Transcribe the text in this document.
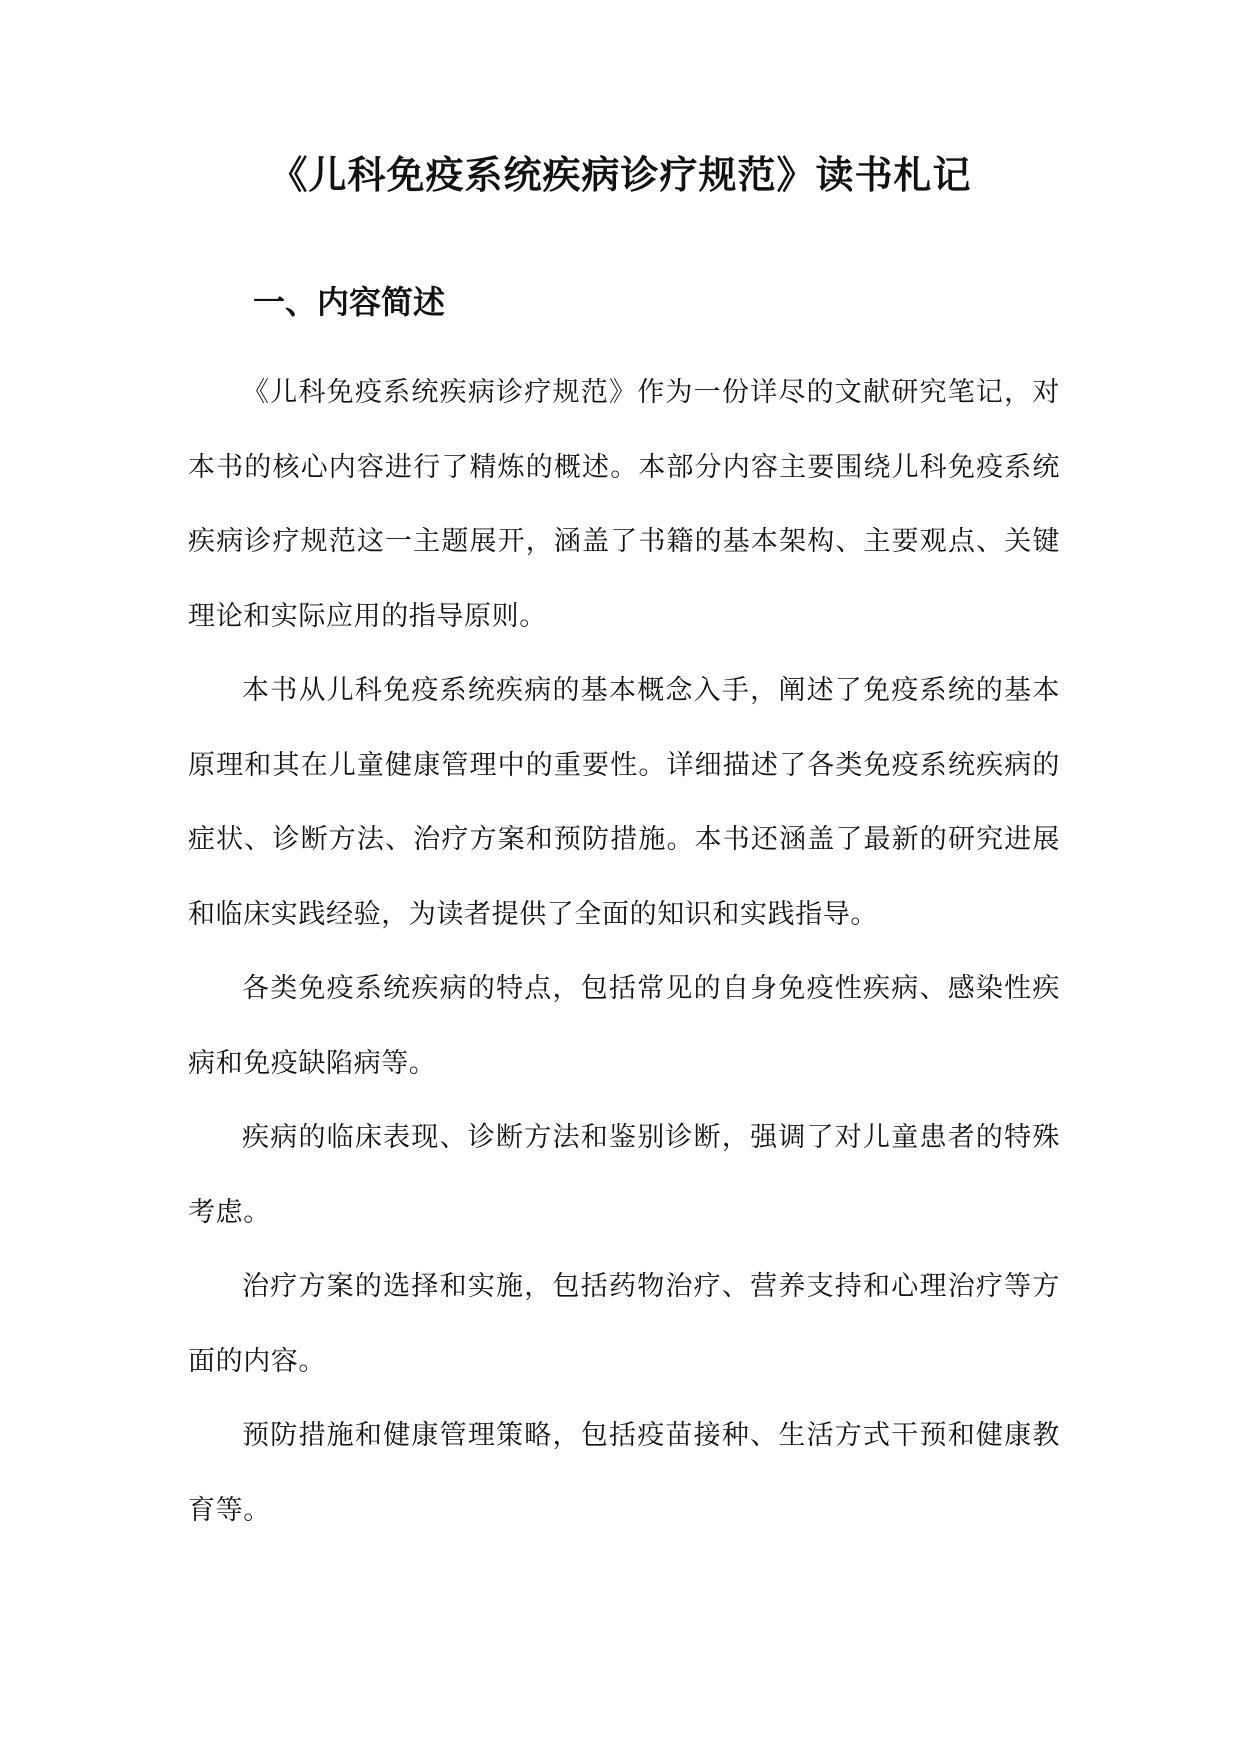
《儿科免疫系统疾病诊疗规范》读书札记
一、内容简述

《儿科免疫系统疾病诊疗规范》作为一份详尽的文献研究笔记，对本书的核心内容进行了精炼的概述。本部分内容主要围绕儿科免疫系统疾病诊疗规范这一主题展开，涵盖了书籍的基本架构、主要观点、关键理论和实际应用的指导原则。

本书从儿科免疫系统疾病的基本概念入手，阐述了免疫系统的基本原理和其在儿童健康管理中的重要性。详细描述了各类免疫系统疾病的症状、诊断方法、治疗方案和预防措施。本书还涵盖了最新的研究进展和临床实践经验，为读者提供了全面的知识和实践指导。

各类免疫系统疾病的特点，包括常见的自身免疫性疾病、感染性疾病和免疫缺陷病等。

疾病的临床表现、诊断方法和鉴别诊断，强调了对儿童患者的特殊考虑。

治疗方案的选择和实施，包括药物治疗、营养支持和心理治疗等方面的内容。

预防措施和健康管理策略，包括疫苗接种、生活方式干预和健康教育等。
